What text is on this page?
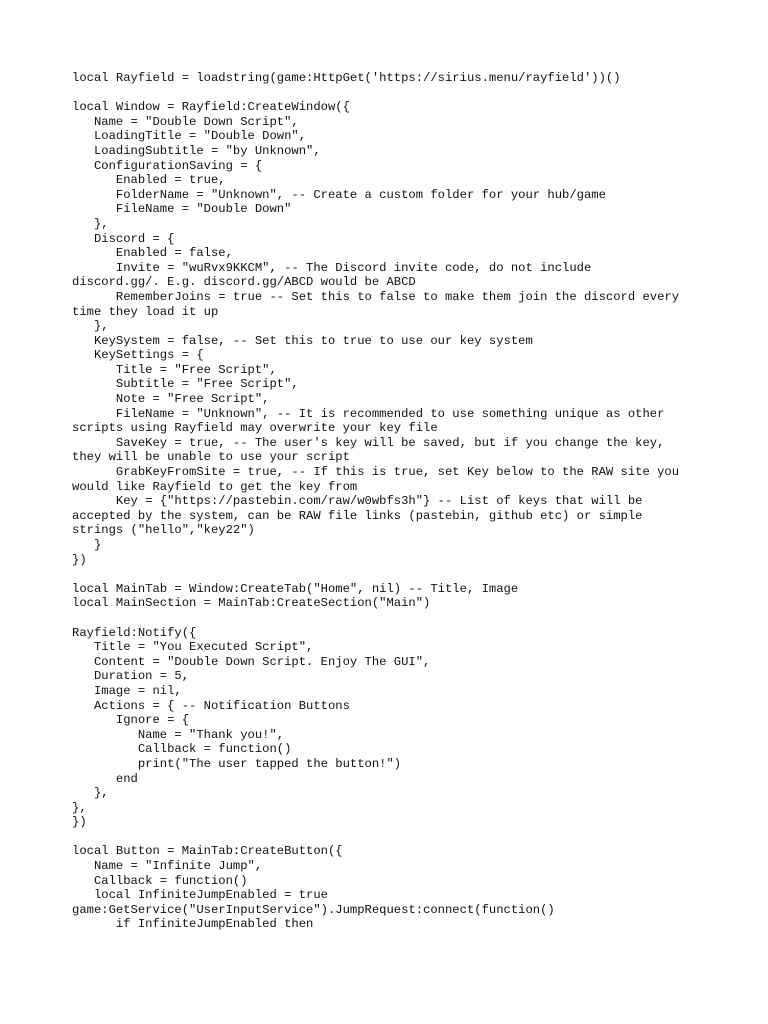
local Rayfield = loadstring(game:HttpGet('https://sirius.menu/rayfield'))()
local Window = Rayfield:CreateWindow({
Name = "Double Down Script",
LoadingTitle = "Double Down",
LoadingSubtitle = "by Unknown",
ConfigurationSaving = {
Enabled = true,
FolderName = "Unknown", -- Create a custom folder for your hub/game
FileName = "Double Down"
},
Discord = {
Enabled = false,
Invite = "wuRvx9KKCM", -- The Discord invite code, do not include
discord.gg/. E.g. discord.gg/ABCD would be ABCD
RememberJoins = true -- Set this to false to make them join the discord every
time they load it up
},
KeySystem = false, -- Set this to true to use our key system
KeySettings = {
Title = "Free Script",
Subtitle = "Free Script",
Note = "Free Script",
FileName = "Unknown", -- It is recommended to use something unique as other
scripts using Rayfield may overwrite your key file
SaveKey = true, -- The user's key will be saved, but if you change the key,
they will be unable to use your script
GrabKeyFromSite = true, -- If this is true, set Key below to the RAW site you
would like Rayfield to get the key from
Key = {"https://pastebin.com/raw/w0wbfs3h"} -- List of keys that will be
accepted by the system, can be RAW file links (pastebin, github etc) or simple
strings ("hello","key22")
}
})
local MainTab = Window:CreateTab("Home", nil) -- Title, Image
local MainSection = MainTab:CreateSection("Main")
Rayfield:Notify({
Title = "You Executed Script",
Content = "Double Down Script. Enjoy The GUI",
Duration = 5,
Image = nil,
Actions = { -- Notification Buttons
Ignore = {
Name = "Thank you!",
Callback = function()
print("The user tapped the button!")
end
},
},
})
local Button = MainTab:CreateButton({
Name = "Infinite Jump",
Callback = function()
local InfiniteJumpEnabled = true
game:GetService("UserInputService").JumpRequest:connect(function()
if InfiniteJumpEnabled then
